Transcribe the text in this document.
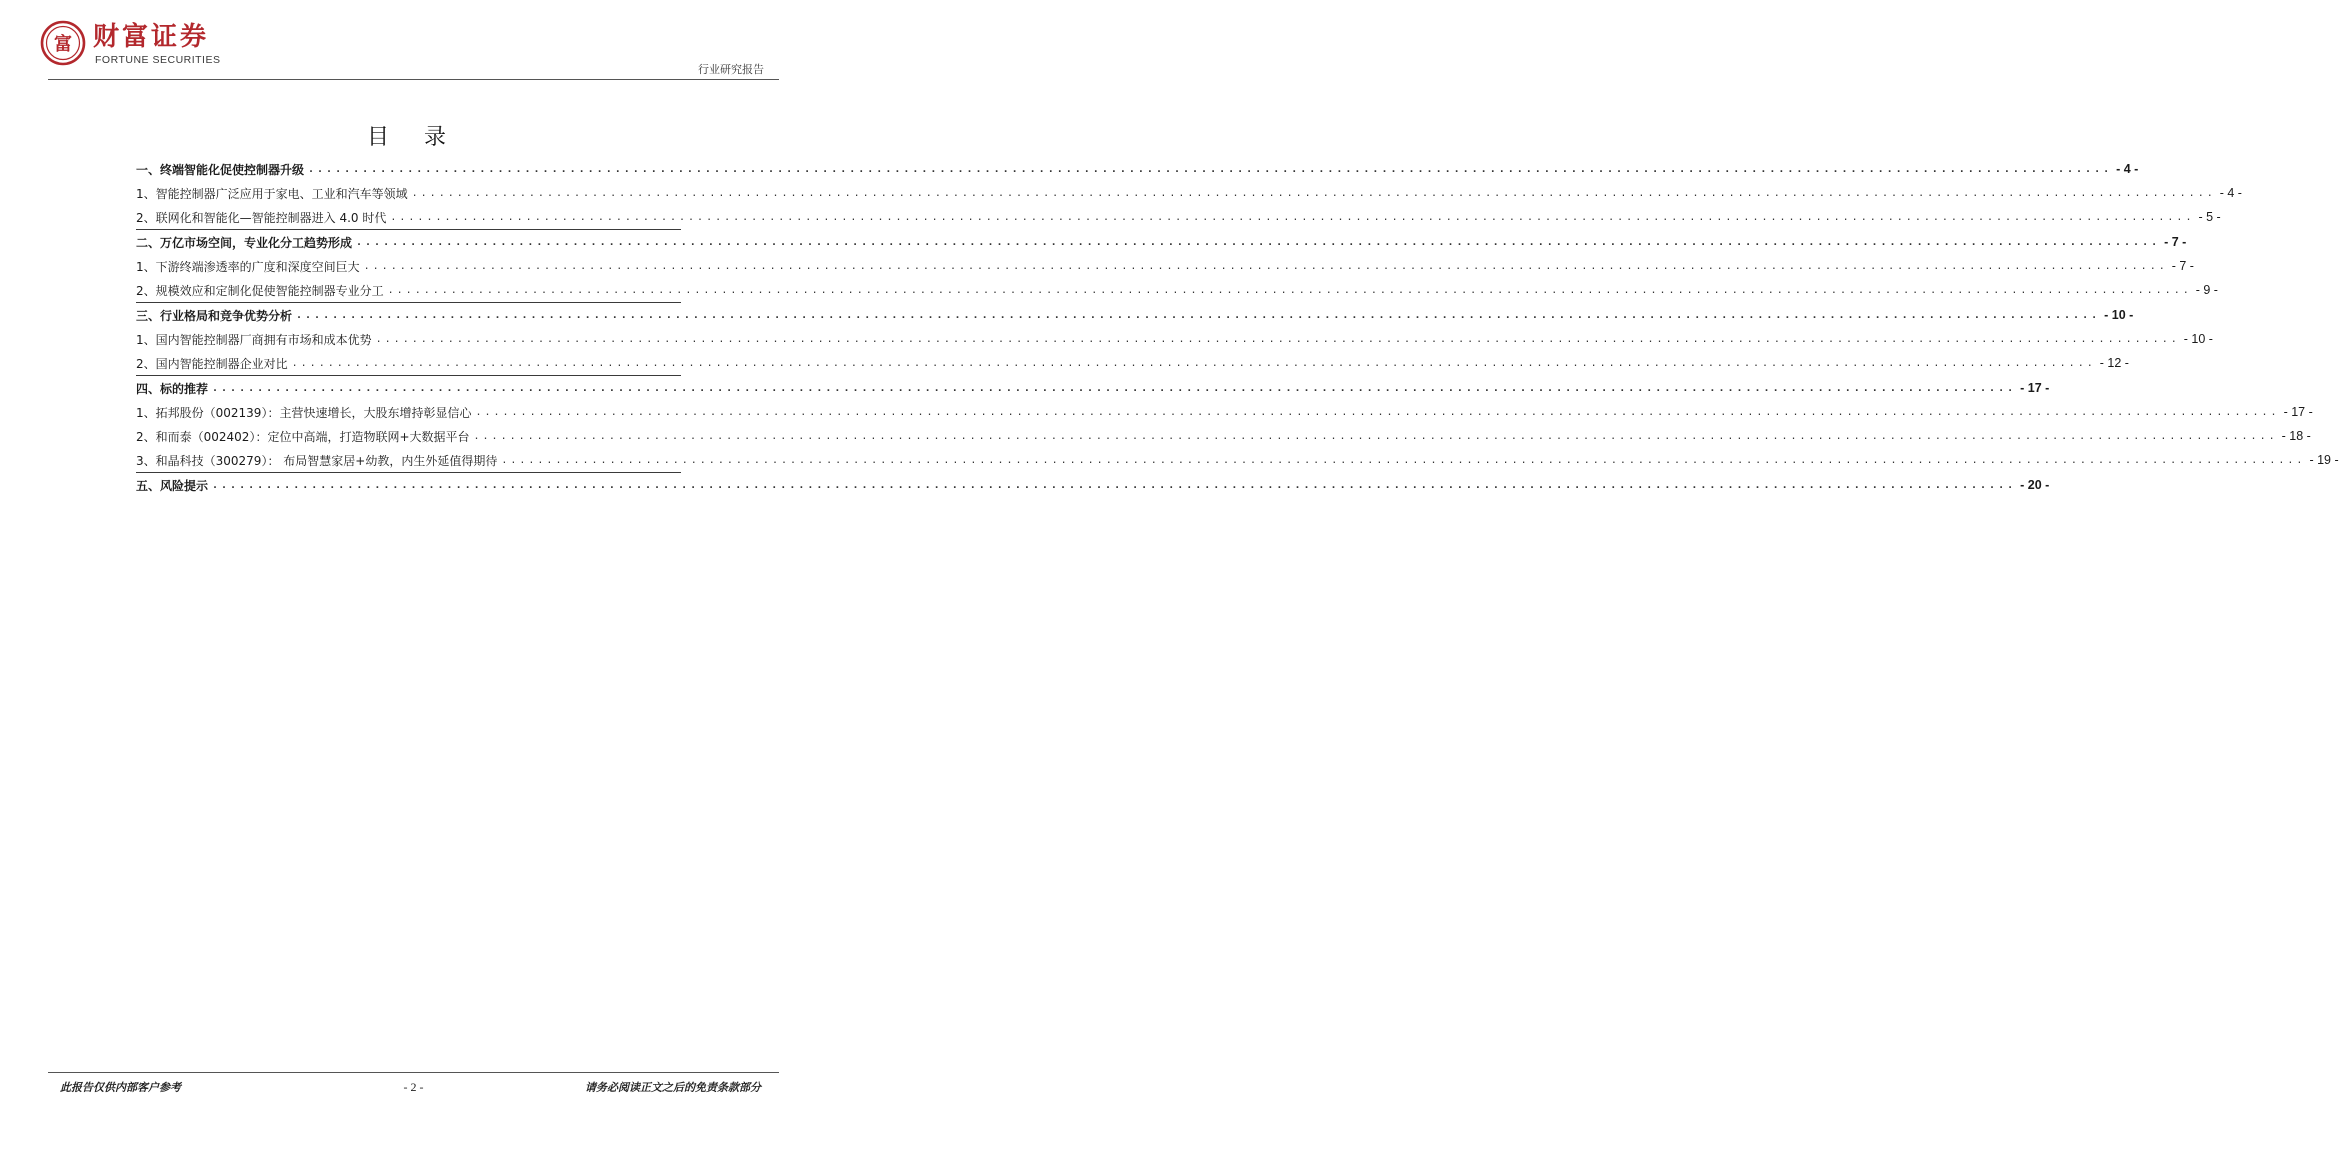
富 财富证券
FORTUNE SECURITIES
行业研究报告
目 录
一、终端智能化促使控制器升级 ........................................................................................................................................................................................................ - 4 -
1、智能控制器广泛应用于家电、工业和汽车等领域 ........................................................................................................................................................................................................ - 4 -
2、联网化和智能化—智能控制器进入 4.0 时代 ........................................................................................................................................................................................................ - 5 -
二、万亿市场空间，专业化分工趋势形成 ........................................................................................................................................................................................................ - 7 -
1、下游终端渗透率的广度和深度空间巨大 ........................................................................................................................................................................................................ - 7 -
2、规模效应和定制化促使智能控制器专业分工 ........................................................................................................................................................................................................ - 9 -
三、行业格局和竞争优势分析 ........................................................................................................................................................................................................ - 10 -
1、国内智能控制器厂商拥有市场和成本优势 ........................................................................................................................................................................................................ - 10 -
2、国内智能控制器企业对比 ........................................................................................................................................................................................................ - 12 -
四、标的推荐 ........................................................................................................................................................................................................ - 17 -
1、拓邦股份（002139）：主营快速增长，大股东增持彰显信心 ........................................................................................................................................................................................................ - 17 -
2、和而泰（002402）：定位中高端，打造物联网+大数据平台 ........................................................................................................................................................................................................ - 18 -
3、和晶科技（300279）： 布局智慧家居+幼教，内生外延值得期待 ........................................................................................................................................................................................................ - 19 -
五、风险提示 ........................................................................................................................................................................................................ - 20 -
此报告仅供内部客户参考	- 2 -	请务必阅读正文之后的免责条款部分
